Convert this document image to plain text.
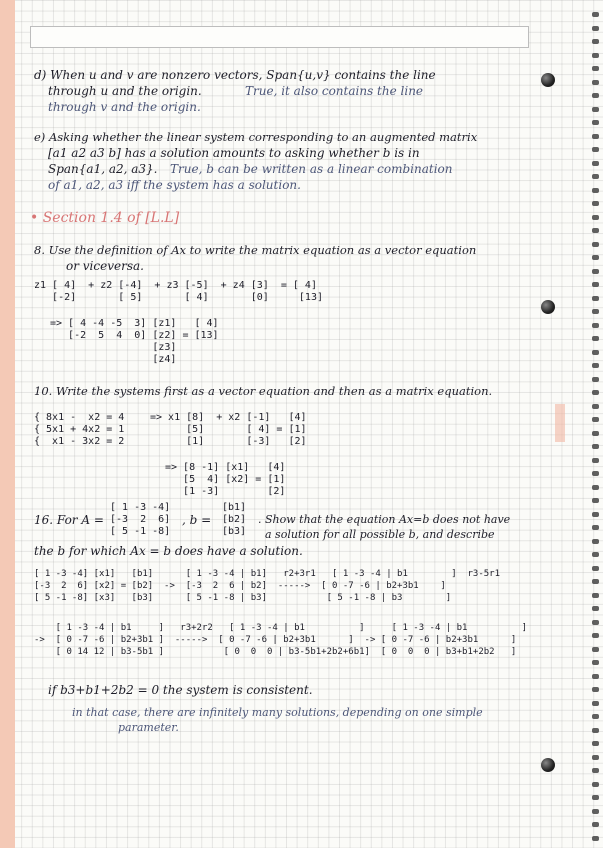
d) When u and v are nonzero vectors, Span{u,v} contains the line
through u and the origin.	True, it also contains the line
through v and the origin.
e) Asking whether the linear system corresponding to an augmented matrix
[a1 a2 a3 b] has a solution amounts to asking whether b is in
Span{a1, a2, a3}. True, b can be written as a linear combination
of a1, a2, a3 iff the system has a solution.
• Section 1.4 of [L.L]
8. Use the definition of Ax to write the matrix equation as a vector equation
or viceversa.
z1 [ 4]  + z2 [-4]  + z3 [-5]  + z4 [3]  = [ 4]
[-2]       [ 5]       [ 4]       [0]     [13]
=> [ 4 -4 -5  3] [z1]   [ 4]
[-2  5  4  0] [z2] = [13]
[z3]
[z4]
10. Write the systems first as a vector equation and then as a matrix equation.
{ 8x1 -  x2 = 4
{ 5x1 + 4x2 = 1
{  x1 - 3x2 = 2
=> x1 [8]  + x2 [-1]   [4]
[5]       [ 4] = [1]
[1]       [-3]   [2]
=> [8 -1] [x1]   [4]
[5  4] [x2] = [1]
[1 -3]        [2]
16. For A =
[ 1 -3 -4]
[-3  2  6]
[ 5 -1 -8]
, b =
[b1]
[b2]
[b3]
. Show that the equation Ax=b does not have
a solution for all possible b, and describe
the b for which Ax = b does have a solution.
[ 1 -3 -4] [x1]   [b1]      [ 1 -3 -4 | b1]   r2+3r1   [ 1 -3 -4 | b1        ]  r3-5r1
[-3  2  6] [x2] = [b2]  ->  [-3  2  6 | b2]  ----->  [ 0 -7 -6 | b2+3b1    ]
[ 5 -1 -8] [x3]   [b3]      [ 5 -1 -8 | b3]           [ 5 -1 -8 | b3        ]
[ 1 -3 -4 | b1     ]   r3+2r2   [ 1 -3 -4 | b1          ]     [ 1 -3 -4 | b1          ]
->  [ 0 -7 -6 | b2+3b1 ]  ----->  [ 0 -7 -6 | b2+3b1      ]  -> [ 0 -7 -6 | b2+3b1      ]
[ 0 14 12 | b3-5b1 ]           [ 0  0  0 | b3-5b1+2b2+6b1]  [ 0  0  0 | b3+b1+2b2   ]
if b3+b1+2b2 = 0 the system is consistent.
in that case, there are infinitely many solutions, depending on one simple
parameter.
